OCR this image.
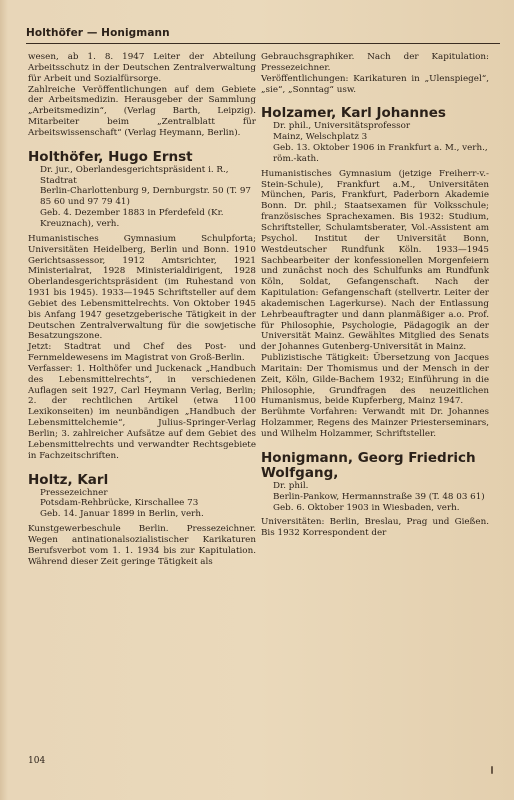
Holthöfer — Honigmann

wesen, ab 1. 8. 1947 Leiter der Abteilung Arbeitsschutz in der Deutschen Zentralverwaltung für Arbeit und Sozialfürsorge.

Zahlreiche Veröffentlichungen auf dem Gebiete der Arbeitsmedizin. Herausgeber der Sammlung „Arbeitsmedizin“, (Verlag Barth, Leipzig). Mitarbeiter beim „Zentralblatt für Arbeitswissenschaft“ (Verlag Heymann, Berlin).

Holthöfer, Hugo Ernst

Dr. jur., Oberlandesgerichtspräsident i. R., Stadtrat

Berlin-Charlottenburg 9, Dernburgstr. 50 (T. 97 85 60 und 97 79 41)

Geb. 4. Dezember 1883 in Pferdefeld (Kr. Kreuznach), verh.

Humanistisches Gymnasium Schulpforta; Universitäten Heidelberg, Berlin und Bonn. 1910 Gerichtsassessor, 1912 Amtsrichter, 1921 Ministerialrat, 1928 Ministerialdirigent, 1928 Oberlandesgerichtspräsident (im Ruhestand von 1931 bis 1945). 1933—1945 Schriftsteller auf dem Gebiet des Lebensmittelrechts. Von Oktober 1945 bis Anfang 1947 gesetzgeberische Tätigkeit in der Deutschen Zentralverwaltung für die sowjetische Besatzungszone.

Jetzt: Stadtrat und Chef des Post- und Fernmeldewesens im Magistrat von Groß-Berlin.

Verfasser: 1. Holthöfer und Juckenack „Handbuch des Lebensmittelrechts“, in verschiedenen Auflagen seit 1927, Carl Heymann Verlag, Berlin; 2. der rechtlichen Artikel (etwa 1100 Lexikonseiten) im neunbändigen „Handbuch der Lebensmittelchemie“, Julius-Springer-Verlag Berlin; 3. zahlreicher Aufsätze auf dem Gebiet des Lebensmittelrechts und verwandter Rechtsgebiete in Fachzeitschriften.

Holtz, Karl

Pressezeichner

Potsdam-Rehbrücke, Kirschallee 73

Geb. 14. Januar 1899 in Berlin, verh.

Kunstgewerbeschule Berlin. Pressezeichner. Wegen antinationalsozialistischer Karikaturen Berufsverbot vom 1. 1. 1934 bis zur Kapitulation. Während dieser Zeit geringe Tätigkeit als

Gebrauchsgraphiker. Nach der Kapitulation: Pressezeichner.

Veröffentlichungen: Karikaturen in „Ulenspiegel“, „sie“, „Sonntag“ usw.

Holzamer, Karl Johannes

Dr. phil., Universitätsprofessor

Mainz, Welschplatz 3

Geb. 13. Oktober 1906 in Frankfurt a. M., verh., röm.-kath.

Humanistisches Gymnasium (jetzige Freiherr-v.-Stein-Schule), Frankfurt a.M., Universitäten München, Paris, Frankfurt, Paderborn Akademie Bonn. Dr. phil.; Staatsexamen für Volksschule; französisches Sprachexamen. Bis 1932: Studium, Schriftsteller, Schulamtsberater, Vol.-Assistent am Psychol. Institut der Universität Bonn, Westdeutscher Rundfunk Köln. 1933—1945 Sachbearbeiter der konfessionellen Morgenfeiern und zunächst noch des Schulfunks am Rundfunk Köln, Soldat, Gefangenschaft. Nach der Kapitulation: Gefangenschaft (stellvertr. Leiter der akademischen Lagerkurse). Nach der Entlassung Lehrbeauftragter und dann planmäßiger a.o. Prof. für Philosophie, Psychologie, Pädagogik an der Universität Mainz. Gewähltes Mitglied des Senats der Johannes Gutenberg-Universität in Mainz.

Publizistische Tätigkeit: Übersetzung von Jacques Maritain: Der Thomismus und der Mensch in der Zeit, Köln, Gilde-Bachem 1932; Einführung in die Philosophie, Grundfragen des neuzeitlichen Humanismus, beide Kupferberg, Mainz 1947.

Berühmte Vorfahren: Verwandt mit Dr. Johannes Holzammer, Regens des Mainzer Priesterseminars, und Wilhelm Holzammer, Schriftsteller.

Honigmann, Georg Friedrich Wolfgang,

Dr. phil.

Berlin-Pankow, Hermannstraße 39 (T. 48 03 61)

Geb. 6. Oktober 1903 in Wiesbaden, verh.

Universitäten: Berlin, Breslau, Prag und Gießen. Bis 1932 Korrespondent der

104
